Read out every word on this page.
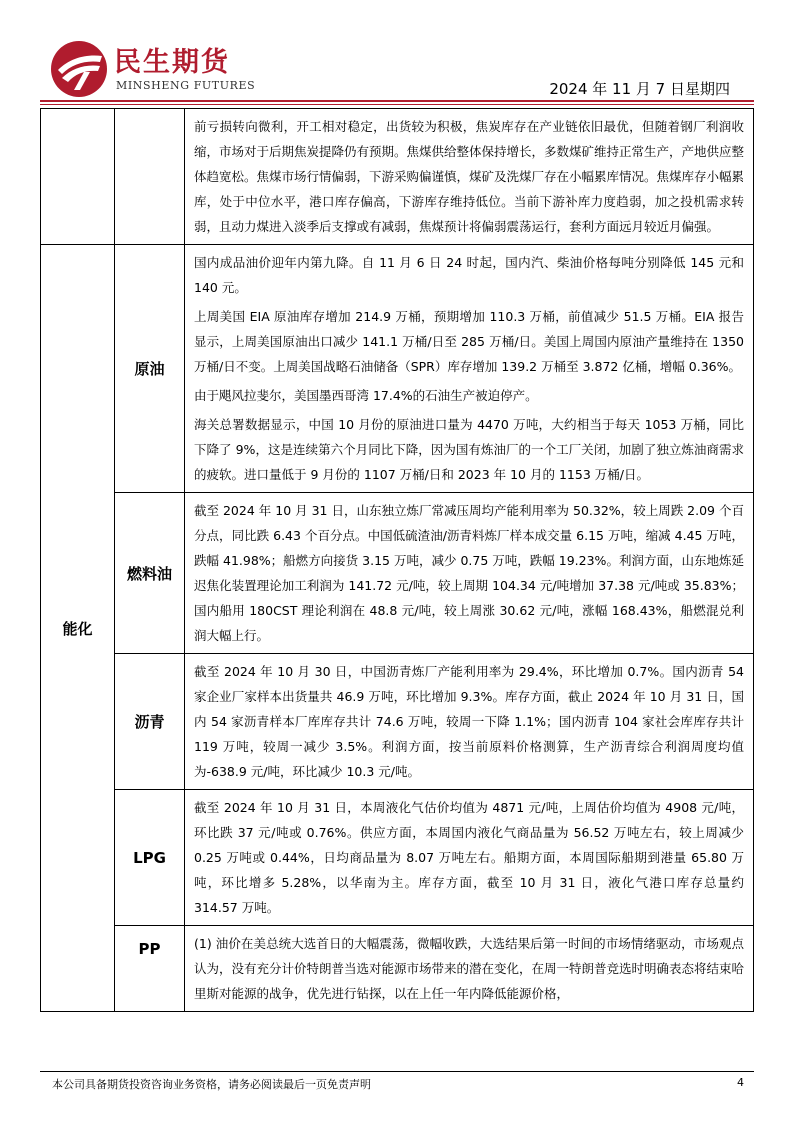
民生期货
MINSHENG FUTURES	2024 年 11 月 7 日星期四

		前亏损转向微利，开工相对稳定，出货较为积极，焦炭库存在产业链依旧最优，但随着钢厂利润收缩，市场对于后期焦炭提降仍有预期。焦煤供给整体保持增长，多数煤矿维持正常生产，产地供应整体趋宽松。焦煤市场行情偏弱，下游采购偏谨慎，煤矿及洗煤厂存在小幅累库情况。焦煤库存小幅累库，处于中位水平，港口库存偏高，下游库存维持低位。当前下游补库力度趋弱，加之投机需求转弱，且动力煤进入淡季后支撑或有减弱，焦煤预计将偏弱震荡运行，套利方面远月较近月偏强。

能化	原油	国内成品油价迎年内第九降。自 11 月 6 日 24 时起，国内汽、柴油价格每吨分别降低 145 元和 140 元。

上周美国 EIA 原油库存增加 214.9 万桶，预期增加 110.3 万桶，前值减少 51.5 万桶。EIA 报告显示，上周美国原油出口减少 141.1 万桶/日至 285 万桶/日。美国上周国内原油产量维持在 1350 万桶/日不变。上周美国战略石油储备（SPR）库存增加 139.2 万桶至 3.872 亿桶，增幅 0.36%。

由于飓风拉斐尔，美国墨西哥湾 17.4%的石油生产被迫停产。

海关总署数据显示，中国 10 月份的原油进口量为 4470 万吨，大约相当于每天 1053 万桶，同比下降了 9%，这是连续第六个月同比下降，因为国有炼油厂的一个工厂关闭，加剧了独立炼油商需求的疲软。进口量低于 9 月份的 1107 万桶/日和 2023 年 10 月的 1153 万桶/日。

	燃料油	截至 2024 年 10 月 31 日，山东独立炼厂常减压周均产能利用率为 50.32%，较上周跌 2.09 个百分点，同比跌 6.43 个百分点。中国低硫渣油/沥青料炼厂样本成交量 6.15 万吨，缩减 4.45 万吨，跌幅 41.98%；船燃方向接货 3.15 万吨，减少 0.75 万吨，跌幅 19.23%。利润方面，山东地炼延迟焦化装置理论加工利润为 141.72 元/吨，较上周期 104.34 元/吨增加 37.38 元/吨或 35.83%；国内船用 180CST 理论利润在 48.8 元/吨，较上周涨 30.62 元/吨，涨幅 168.43%，船燃混兑利润大幅上行。

	沥青	截至 2024 年 10 月 30 日，中国沥青炼厂产能利用率为 29.4%，环比增加 0.7%。国内沥青 54 家企业厂家样本出货量共 46.9 万吨，环比增加 9.3%。库存方面，截止 2024 年 10 月 31 日，国内 54 家沥青样本厂库库存共计 74.6 万吨，较周一下降 1.1%；国内沥青 104 家社会库库存共计 119 万吨，较周一减少 3.5%。利润方面，按当前原料价格测算，生产沥青综合利润周度均值为-638.9 元/吨，环比减少 10.3 元/吨。

	LPG	截至 2024 年 10 月 31 日，本周液化气估价均值为 4871 元/吨，上周估价均值为 4908 元/吨，环比跌 37 元/吨或 0.76%。供应方面，本周国内液化气商品量为 56.52 万吨左右，较上周减少 0.25 万吨或 0.44%，日均商品量为 8.07 万吨左右。船期方面，本周国际船期到港量 65.80 万吨，环比增多 5.28%，以华南为主。库存方面，截至 10 月 31 日，液化气港口库存总量约 314.57 万吨。

	PP	(1) 油价在美总统大选首日的大幅震荡，微幅收跌，大选结果后第一时间的市场情绪驱动，市场观点认为，没有充分计价特朗普当选对能源市场带来的潜在变化，在周一特朗普竞选时明确表态将结束哈里斯对能源的战争，优先进行钻探，以在上任一年内降低能源价格，

本公司具备期货投资咨询业务资格，请务必阅读最后一页免责声明	4
